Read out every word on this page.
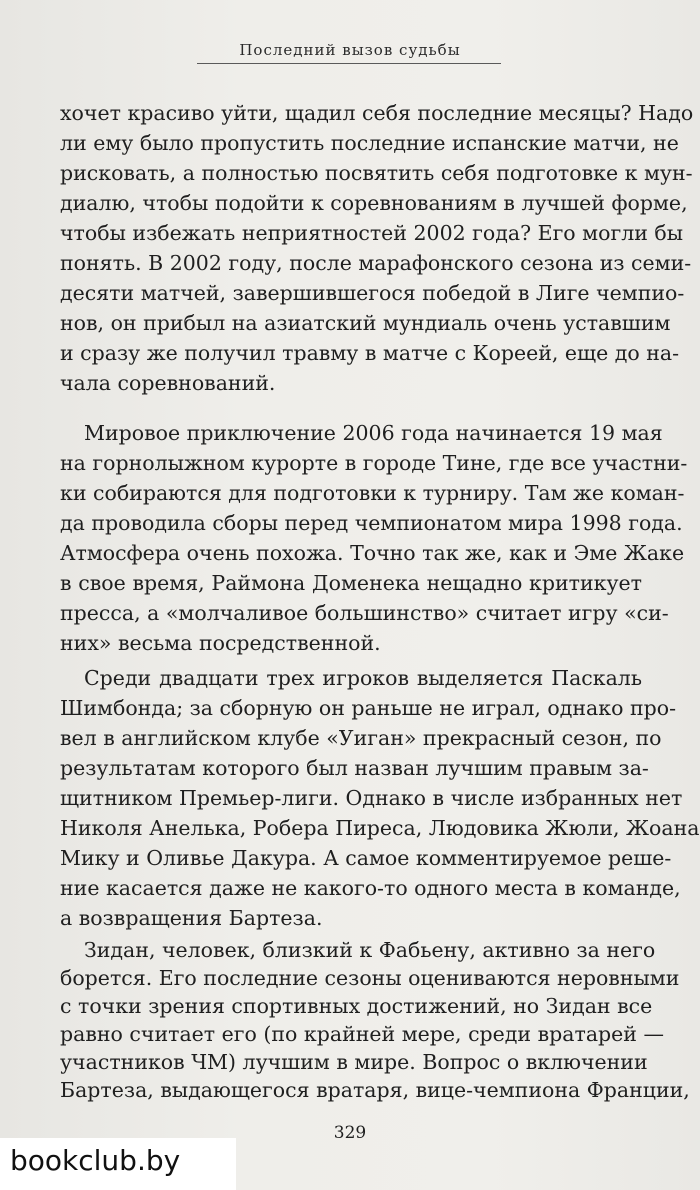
Последний вызов судьбы
хочет красиво уйти, щадил себя последние месяцы? Надо
ли ему было пропустить последние испанские матчи, не
рисковать, а полностью посвятить себя подготовке к мун-
диалю, чтобы подойти к соревнованиям в лучшей форме,
чтобы избежать неприятностей 2002 года? Его могли бы
понять. В 2002 году, после марафонского сезона из семи-
десяти матчей, завершившегося победой в Лиге чемпио-
нов, он прибыл на азиатский мундиаль очень уставшим
и сразу же получил травму в матче с Кореей, еще до на-
чала соревнований.
Мировое приключение 2006 года начинается 19 мая
на горнолыжном курорте в городе Тине, где все участни-
ки собираются для подготовки к турниру. Там же коман-
да проводила сборы перед чемпионатом мира 1998 года.
Атмосфера очень похожа. Точно так же, как и Эме Жаке
в свое время, Раймона Доменека нещадно критикует
пресса, а «молчаливое большинство» считает игру «си-
них» весьма посредственной.
Среди двадцати трех игроков выделяется Паскаль
Шимбонда; за сборную он раньше не играл, однако про-
вел в английском клубе «Уиган» прекрасный сезон, по
результатам которого был назван лучшим правым за-
щитником Премьер-лиги. Однако в числе избранных нет
Николя Анелька, Робера Пиреса, Людовика Жюли, Жоана
Мику и Оливье Дакура. А самое комментируемое реше-
ние касается даже не какого-то одного места в команде,
а возвращения Бартеза.
Зидан, человек, близкий к Фабьену, активно за него
борется. Его последние сезоны оцениваются неровными
с точки зрения спортивных достижений, но Зидан все
равно считает его (по крайней мере, среди вратарей —
участников ЧМ) лучшим в мире. Вопрос о включении
Бартеза, выдающегося вратаря, вице-чемпиона Франции,
329
bookclub.by
